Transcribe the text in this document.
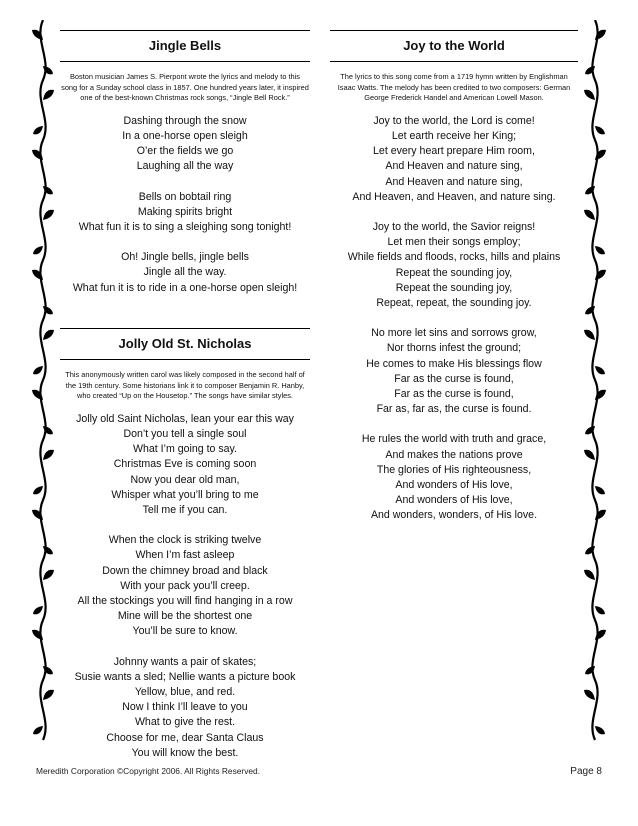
Jingle Bells
Boston musician James S. Pierpont wrote the lyrics and melody to this
song for a Sunday school class in 1857. One hundred years later, it inspired
one of the best-known Christmas rock songs, “Jingle Bell Rock.”
Dashing through the snow
In a one-horse open sleigh
O’er the fields we go
Laughing all the way
Bells on bobtail ring
Making spirits bright
What fun it is to sing a sleighing song tonight!
Oh! Jingle bells, jingle bells
Jingle all the way.
What fun it is to ride in a one-horse open sleigh!
Jolly Old St. Nicholas
This anonymously written carol was likely composed in the second half of
the 19th century. Some historians link it to composer Benjamin R. Hanby,
who created “Up on the Housetop.” The songs have similar styles.
Jolly old Saint Nicholas, lean your ear this way
Don’t you tell a single soul
What I’m going to say.
Christmas Eve is coming soon
Now you dear old man,
Whisper what you’ll bring to me
Tell me if you can.
When the clock is striking twelve
When I’m fast asleep
Down the chimney broad and black
With your pack you’ll creep.
All the stockings you will find hanging in a row
Mine will be the shortest one
You’ll be sure to know.
Johnny wants a pair of skates;
Susie wants a sled; Nellie wants a picture book
Yellow, blue, and red.
Now I think I’ll leave to you
What to give the rest.
Choose for me, dear Santa Claus
You will know the best.
Joy to the World
The lyrics to this song come from a 1719 hymn written by Englishman
Isaac Watts. The melody has been credited to two composers: German
George Frederick Handel and American Lowell Mason.
Joy to the world, the Lord is come!
Let earth receive her King;
Let every heart prepare Him room,
And Heaven and nature sing,
And Heaven and nature sing,
And Heaven, and Heaven, and nature sing.
Joy to the world, the Savior reigns!
Let men their songs employ;
While fields and floods, rocks, hills and plains
Repeat the sounding joy,
Repeat the sounding joy,
Repeat, repeat, the sounding joy.
No more let sins and sorrows grow,
Nor thorns infest the ground;
He comes to make His blessings flow
Far as the curse is found,
Far as the curse is found,
Far as, far as, the curse is found.
He rules the world with truth and grace,
And makes the nations prove
The glories of His righteousness,
And wonders of His love,
And wonders of His love,
And wonders, wonders, of His love.
Meredith Corporation ©Copyright 2006. All Rights Reserved.	Page 8
